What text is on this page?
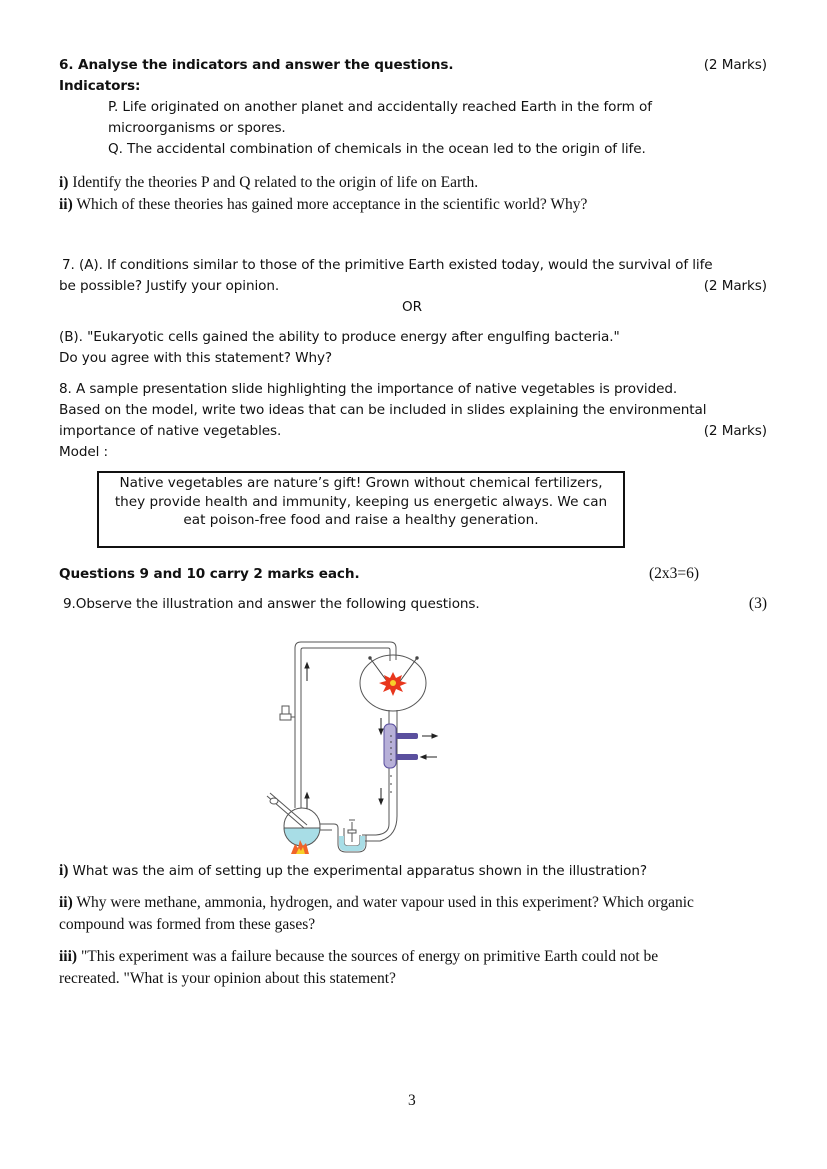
6. Analyse the indicators and answer the questions.	(2 Marks)
Indicators:
P. Life originated on another planet and accidentally reached Earth in the form of
microorganisms or spores.
Q. The accidental combination of chemicals in the ocean led to the origin of life.
i) Identify the theories P and Q related to the origin of life on Earth.
ii) Which of these theories has gained more acceptance in the scientific world? Why?
7. (A). If conditions similar to those of the primitive Earth existed today, would the survival of life
be possible? Justify your opinion.	(2 Marks)
OR
(B). "Eukaryotic cells gained the ability to produce energy after engulfing bacteria."
Do you agree with this statement? Why?
8. A sample presentation slide highlighting the importance of native vegetables is provided.
Based on the model, write two ideas that can be included in slides explaining the environmental
importance of native vegetables.	(2 Marks)
Model :
Native vegetables are nature’s gift! Grown without chemical fertilizers,
they provide health and immunity, keeping us energetic always. We can
eat poison-free food and raise a healthy generation.
Questions 9 and 10 carry 2 marks each.	(2x3=6)
9.Observe the illustration and answer the following questions.	(3)
i) What was the aim of setting up the experimental apparatus shown in the illustration?
ii) Why were methane, ammonia, hydrogen, and water vapour used in this experiment? Which organic
compound was formed from these gases?
iii) "This experiment was a failure because the sources of energy on primitive Earth could not be
recreated. "What is your opinion about this statement?
3
